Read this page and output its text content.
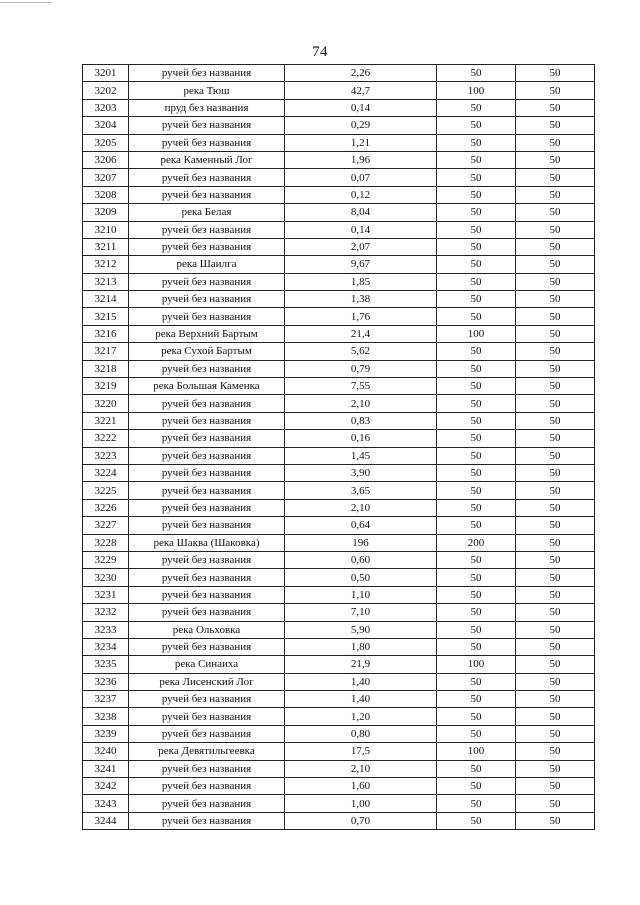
74
3201	ручей без названия	2,26	50	50
3202	река Тюш	42,7	100	50
3203	пруд без названия	0,14	50	50
3204	ручей без названия	0,29	50	50
3205	ручей без названия	1,21	50	50
3206	река Каменный Лог	1,96	50	50
3207	ручей без названия	0,07	50	50
3208	ручей без названия	0,12	50	50
3209	река Белая	8,04	50	50
3210	ручей без названия	0,14	50	50
3211	ручей без названия	2,07	50	50
3212	река Шаилга	9,67	50	50
3213	ручей без названия	1,85	50	50
3214	ручей без названия	1,38	50	50
3215	ручей без названия	1,76	50	50
3216	река Верхний Бартым	21,4	100	50
3217	река Сухой Бартым	5,62	50	50
3218	ручей без названия	0,79	50	50
3219	река Большая Каменка	7,55	50	50
3220	ручей без названия	2,10	50	50
3221	ручей без названия	0,83	50	50
3222	ручей без названия	0,16	50	50
3223	ручей без названия	1,45	50	50
3224	ручей без названия	3,90	50	50
3225	ручей без названия	3,65	50	50
3226	ручей без названия	2,10	50	50
3227	ручей без названия	0,64	50	50
3228	река Шаква (Шаковка)	196	200	50
3229	ручей без названия	0,60	50	50
3230	ручей без названия	0,50	50	50
3231	ручей без названия	1,10	50	50
3232	ручей без названия	7,10	50	50
3233	река Ольховка	5,90	50	50
3234	ручей без названия	1,80	50	50
3235	река Синаиха	21,9	100	50
3236	река Лисенский Лог	1,40	50	50
3237	ручей без названия	1,40	50	50
3238	ручей без названия	1,20	50	50
3239	ручей без названия	0,80	50	50
3240	река Девятильгеевка	17,5	100	50
3241	ручей без названия	2,10	50	50
3242	ручей без названия	1,60	50	50
3243	ручей без названия	1,00	50	50
3244	ручей без названия	0,70	50	50
